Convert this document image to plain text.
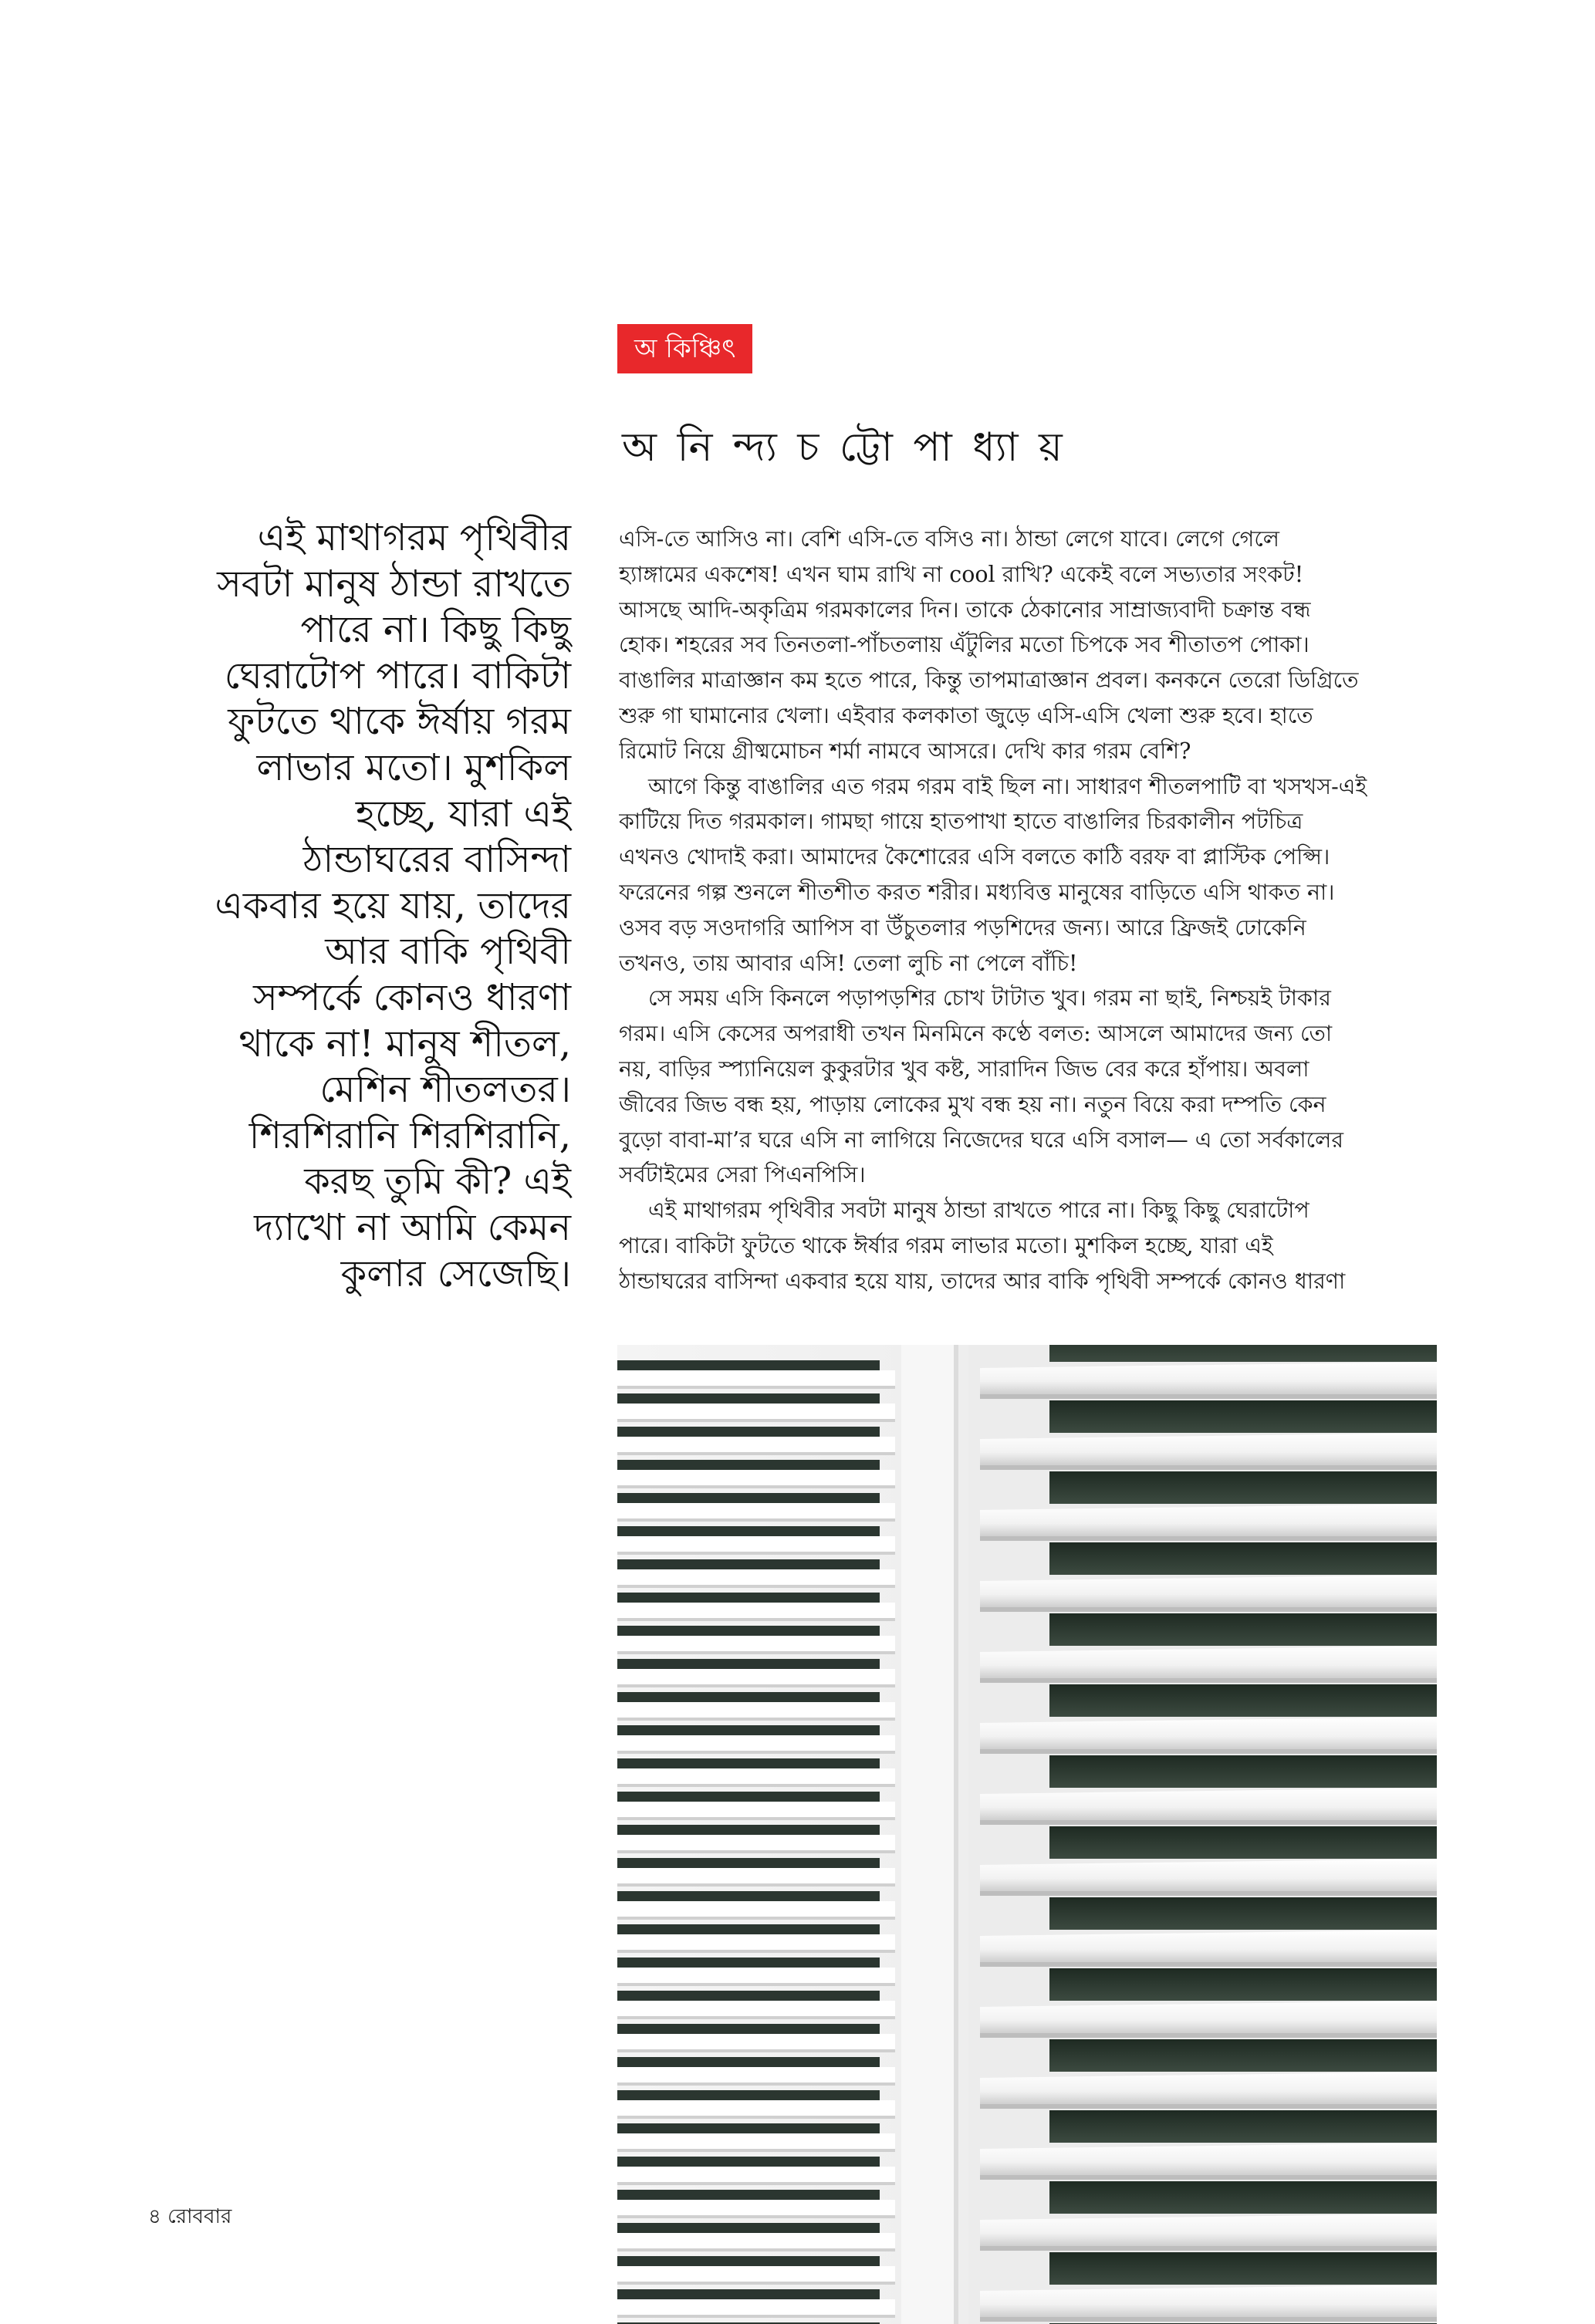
অ কিঞ্চিৎ
অ নি ন্দ্য চ ট্টো পা ধ্যা য়
এই মাথাগরম পৃথিবীর
সবটা মানুষ ঠান্ডা রাখতে
পারে না। কিছু কিছু
ঘেরাটোপ পারে। বাকিটা
ফুটতে থাকে ঈর্ষায় গরম
লাভার মতো। মুশকিল
হচ্ছে, যারা এই
ঠান্ডাঘরের বাসিন্দা
একবার হয়ে যায়, তাদের
আর বাকি পৃথিবী
সম্পর্কে কোনও ধারণা
থাকে না! মানুষ শীতল,
মেশিন শীতলতর।
শিরশিরানি শিরশিরানি,
করছ তুমি কী? এই
দ্যাখো না আমি কেমন
কুলার সেজেছি।
এসি-তে আসিও না। বেশি এসি-তে বসিও না। ঠান্ডা লেগে যাবে। লেগে গেলে
হ্যাঙ্গামের একশেষ! এখন ঘাম রাখি না cool রাখি? একেই বলে সভ্যতার সংকট!
আসছে আদি-অকৃত্রিম গরমকালের দিন। তাকে ঠেকানোর সাম্রাজ্যবাদী চক্রান্ত বন্ধ
হোক। শহরের সব তিনতলা-পাঁচতলায় এঁটুলির মতো চিপকে সব শীতাতপ পোকা।
বাঙালির মাত্রাজ্ঞান কম হতে পারে, কিন্তু তাপমাত্রাজ্ঞান প্রবল। কনকনে তেরো ডিগ্রিতে
শুরু গা ঘামানোর খেলা। এইবার কলকাতা জুড়ে এসি-এসি খেলা শুরু হবে। হাতে
রিমোট নিয়ে গ্রীষ্মমোচন শর্মা নামবে আসরে। দেখি কার গরম বেশি?
আগে কিন্তু বাঙালির এত গরম গরম বাই ছিল না। সাধারণ শীতলপাটি বা খসখস-এই
কাটিয়ে দিত গরমকাল। গামছা গায়ে হাতপাখা হাতে বাঙালির চিরকালীন পটচিত্র
এখনও খোদাই করা। আমাদের কৈশোরের এসি বলতে কাঠি বরফ বা প্লাস্টিক পেপ্সি।
ফরেনের গল্প শুনলে শীতশীত করত শরীর। মধ্যবিত্ত মানুষের বাড়িতে এসি থাকত না।
ওসব বড় সওদাগরি আপিস বা উঁচুতলার পড়শিদের জন্য। আরে ফ্রিজই ঢোকেনি
তখনও, তায় আবার এসি! তেলা লুচি না পেলে বাঁচি!
সে সময় এসি কিনলে পড়াপড়শির চোখ টাটাত খুব। গরম না ছাই, নিশ্চয়ই টাকার
গরম। এসি কেসের অপরাধী তখন মিনমিনে কণ্ঠে বলত: আসলে আমাদের জন্য তো
নয়, বাড়ির স্প্যানিয়েল কুকুরটার খুব কষ্ট, সারাদিন জিভ বের করে হাঁপায়। অবলা
জীবের জিভ বন্ধ হয়, পাড়ায় লোকের মুখ বন্ধ হয় না। নতুন বিয়ে করা দম্পতি কেন
বুড়ো বাবা-মা’র ঘরে এসি না লাগিয়ে নিজেদের ঘরে এসি বসাল— এ তো সর্বকালের
সর্বটাইমের সেরা পিএনপিসি।
এই মাথাগরম পৃথিবীর সবটা মানুষ ঠান্ডা রাখতে পারে না। কিছু কিছু ঘেরাটোপ
পারে। বাকিটা ফুটতে থাকে ঈর্ষার গরম লাভার মতো। মুশকিল হচ্ছে, যারা এই
ঠান্ডাঘরের বাসিন্দা একবার হয়ে যায়, তাদের আর বাকি পৃথিবী সম্পর্কে কোনও ধারণা
৪ রোববার
